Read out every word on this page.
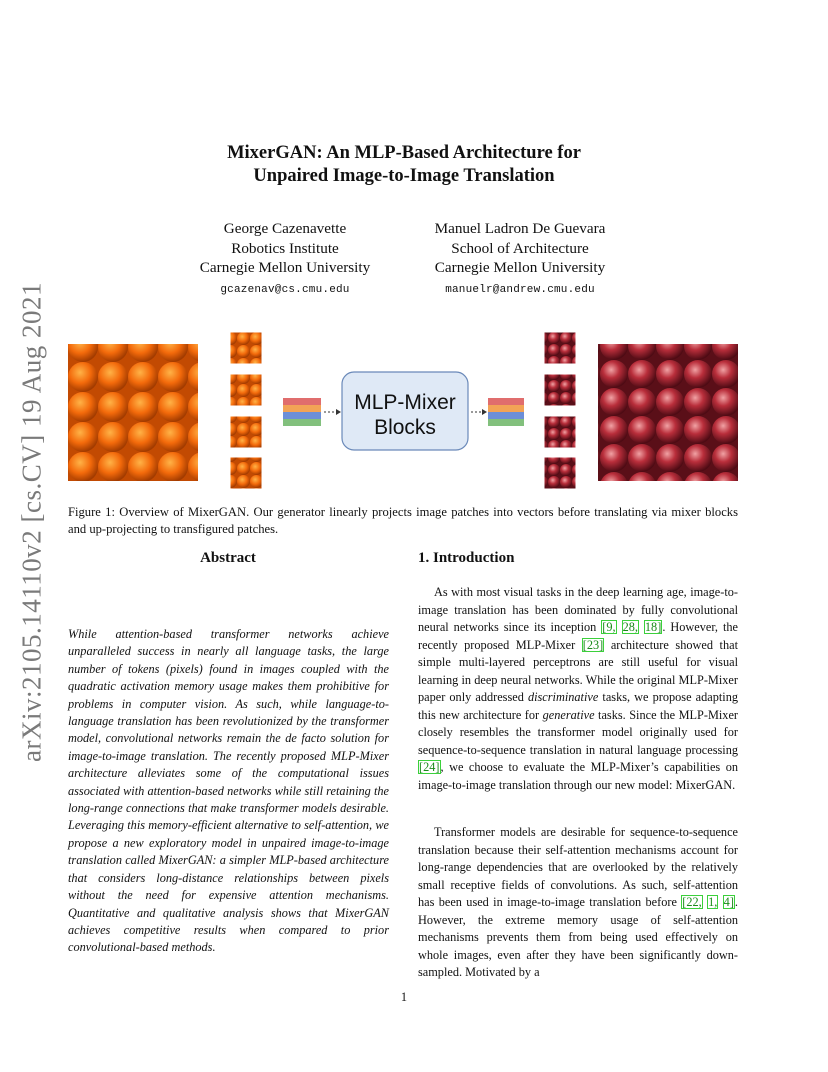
arXiv:2105.14110v2 [cs.CV] 19 Aug 2021
MixerGAN: An MLP-Based Architecture for
Unpaired Image-to-Image Translation
George Cazenavette
Robotics Institute
Carnegie Mellon University
gcazenav@cs.cmu.edu
Manuel Ladron De Guevara
School of Architecture
Carnegie Mellon University
manuelr@andrew.cmu.edu
MLP-Mixer
Blocks
Figure 1: Overview of MixerGAN. Our generator linearly projects image patches into vectors before translating via mixer blocks and up-projecting to transfigured patches.
Abstract
While attention-based transformer networks achieve unparalleled success in nearly all language tasks, the large number of tokens (pixels) found in images coupled with the quadratic activation memory usage makes them prohibitive for problems in computer vision. As such, while language-to-language translation has been revolutionized by the transformer model, convolutional networks remain the de facto solution for image-to-image translation. The recently proposed MLP-Mixer architecture alleviates some of the computational issues associated with attention-based networks while still retaining the long-range connections that make transformer models desirable. Leveraging this memory-efficient alternative to self-attention, we propose a new exploratory model in unpaired image-to-image translation called MixerGAN: a simpler MLP-based architecture that considers long-distance relationships between pixels without the need for expensive attention mechanisms. Quantitative and qualitative analysis shows that MixerGAN achieves competitive results when compared to prior convolutional-based methods.
1. Introduction
As with most visual tasks in the deep learning age, image-to-image translation has been dominated by fully convolutional neural networks since its inception [9, 28, 18]. However, the recently proposed MLP-Mixer [23] architecture showed that simple multi-layered perceptrons are still useful for visual learning in deep neural networks. While the original MLP-Mixer paper only addressed discriminative tasks, we propose adapting this new architecture for generative tasks. Since the MLP-Mixer closely resembles the transformer model originally used for sequence-to-sequence translation in natural language processing [24], we choose to evaluate the MLP-Mixer’s capabilities on image-to-image translation through our new model: MixerGAN.
Transformer models are desirable for sequence-to-sequence translation because their self-attention mechanisms account for long-range dependencies that are overlooked by the relatively small receptive fields of convolutions. As such, self-attention has been used in image-to-image translation before [22, 1, 4]. However, the extreme memory usage of self-attention mechanisms prevents them from being used effectively on whole images, even after they have been significantly down-sampled. Motivated by a
1
